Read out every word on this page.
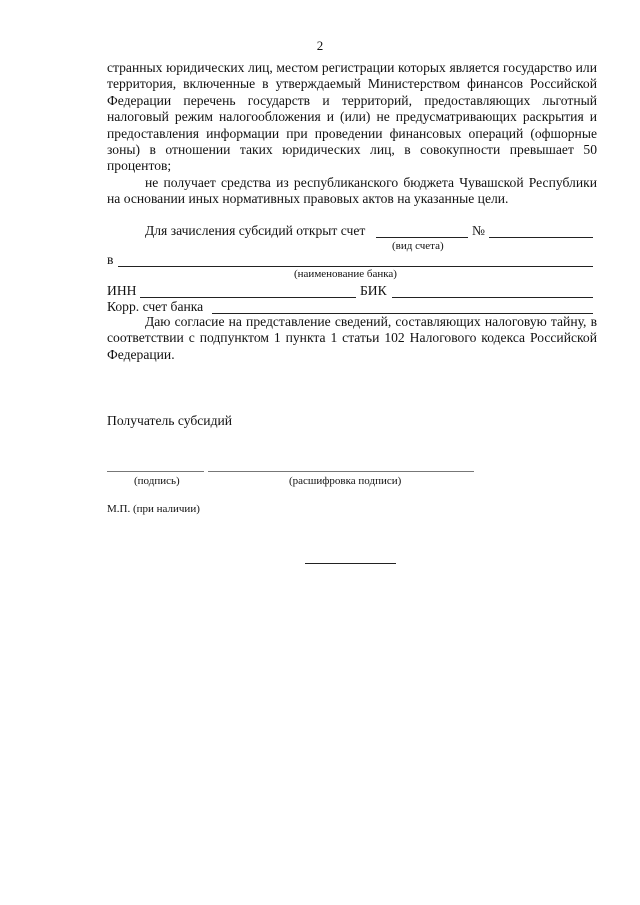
2

странных юридических лиц, местом регистрации которых является государство или территория, включенные в утверждаемый Министерством финансов Российской Федерации перечень государств и территорий, предоставляющих льготный налоговый режим налогообложения и (или) не предусматривающих раскрытия и предоставления информации при проведении финансовых операций (офшорные зоны) в отношении таких юридических лиц, в совокупности превышает 50 процентов;

не получает средства из республиканского бюджета Чувашской Республики на основании иных нормативных правовых актов на указанные цели.

Для зачисления субсидий открыт счет	№
(вид счета)
в
(наименование банка)
ИНН	БИК
Корр. счет банка
Даю согласие на представление сведений, составляющих налоговую тайну, в соответствии с подпунктом 1 пункта 1 статьи 102 Налогового кодекса Российской Федерации.
Получатель субсидий
(подпись)	(расшифровка подписи)
М.П. (при наличии)
